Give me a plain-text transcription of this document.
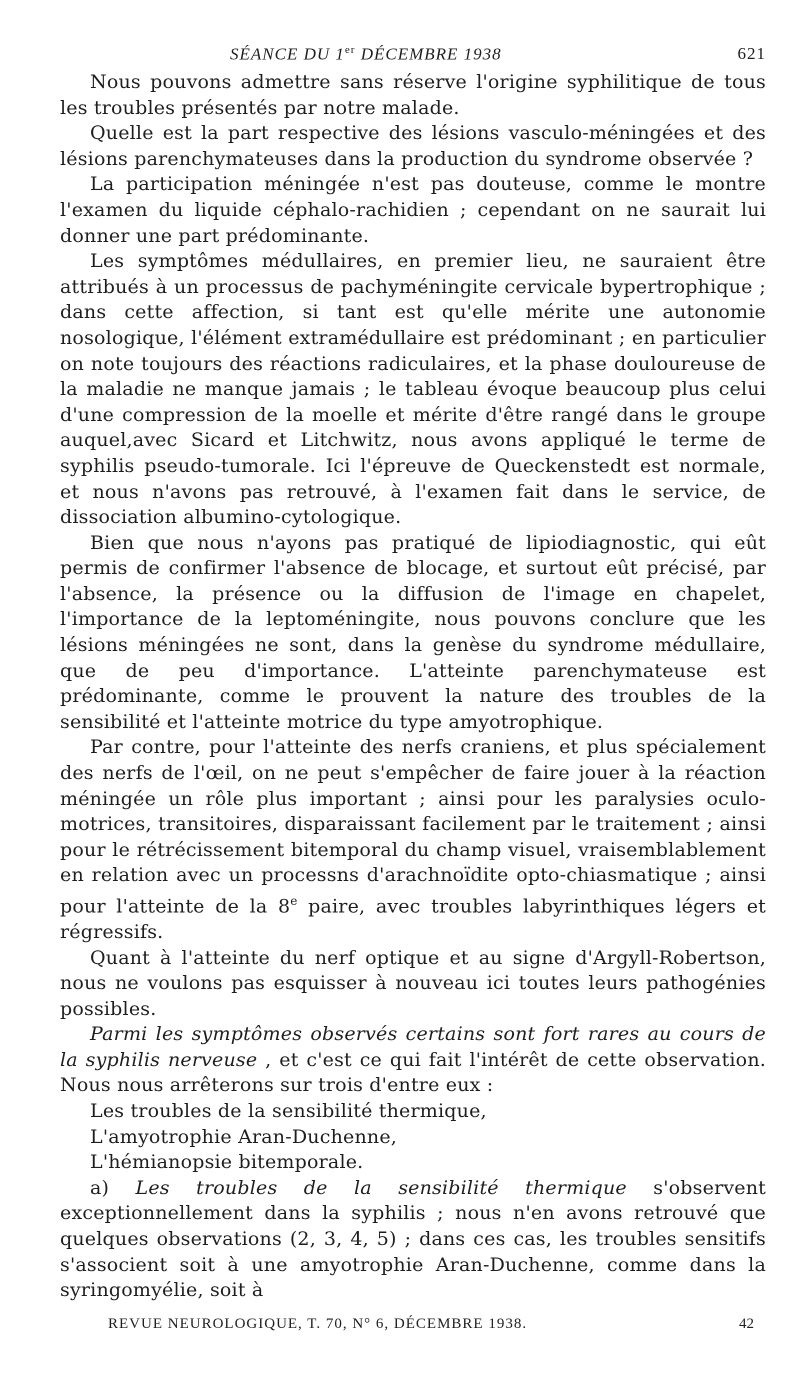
SÉANCE DU 1er DÉCEMBRE 1938	621

Nous pouvons admettre sans réserve l'origine syphilitique de tous les troubles présentés par notre malade.

Quelle est la part respective des lésions vasculo-méningées et des lésions parenchymateuses dans la production du syndrome observée ?

La participation méningée n'est pas douteuse, comme le montre l'examen du liquide céphalo-rachidien ; cependant on ne saurait lui donner une part prédominante.

Les symptômes médullaires, en premier lieu, ne sauraient être attribués à un processus de pachyméningite cervicale bypertrophique ; dans cette affection, si tant est qu'elle mérite une autonomie nosologique, l'élément extramédullaire est prédominant ; en particulier on note toujours des réactions radiculaires, et la phase douloureuse de la maladie ne manque jamais ; le tableau évoque beaucoup plus celui d'une compression de la moelle et mérite d'être rangé dans le groupe auquel,avec Sicard et Litchwitz, nous avons appliqué le terme de syphilis pseudo-tumorale. Ici l'épreuve de Queckenstedt est normale, et nous n'avons pas retrouvé, à l'examen fait dans le service, de dissociation albumino-cytologique.

Bien que nous n'ayons pas pratiqué de lipiodiagnostic, qui eût permis de confirmer l'absence de blocage, et surtout eût précisé, par l'absence, la présence ou la diffusion de l'image en chapelet, l'importance de la leptoméningite, nous pouvons conclure que les lésions méningées ne sont, dans la genèse du syndrome médullaire, que de peu d'importance. L'atteinte parenchymateuse est prédominante, comme le prouvent la nature des troubles de la sensibilité et l'atteinte motrice du type amyotrophique.

Par contre, pour l'atteinte des nerfs craniens, et plus spécialement des nerfs de l'œil, on ne peut s'empêcher de faire jouer à la réaction méningée un rôle plus important ; ainsi pour les paralysies oculo-motrices, transitoires, disparaissant facilement par le traitement ; ainsi pour le rétrécissement bitemporal du champ visuel, vraisemblablement en relation avec un processns d'arachnoïdite opto-chiasmatique ; ainsi pour l'atteinte de la 8e paire, avec troubles labyrinthiques légers et régressifs.

Quant à l'atteinte du nerf optique et au signe d'Argyll-Robertson, nous ne voulons pas esquisser à nouveau ici toutes leurs pathogénies possibles.

Parmi les symptômes observés certains sont fort rares au cours de la syphilis nerveuse , et c'est ce qui fait l'intérêt de cette observation. Nous nous arrêterons sur trois d'entre eux :

Les troubles de la sensibilité thermique,

L'amyotrophie Aran-Duchenne,

L'hémianopsie bitemporale.

a) Les troubles de la sensibilité thermique s'observent exceptionnellement dans la syphilis ; nous n'en avons retrouvé que quelques observations (2, 3, 4, 5) ; dans ces cas, les troubles sensitifs s'associent soit à une amyotrophie Aran-Duchenne, comme dans la syringomyélie, soit à

REVUE NEUROLOGIQUE, T. 70, N° 6, DÉCEMBRE 1938.	42
